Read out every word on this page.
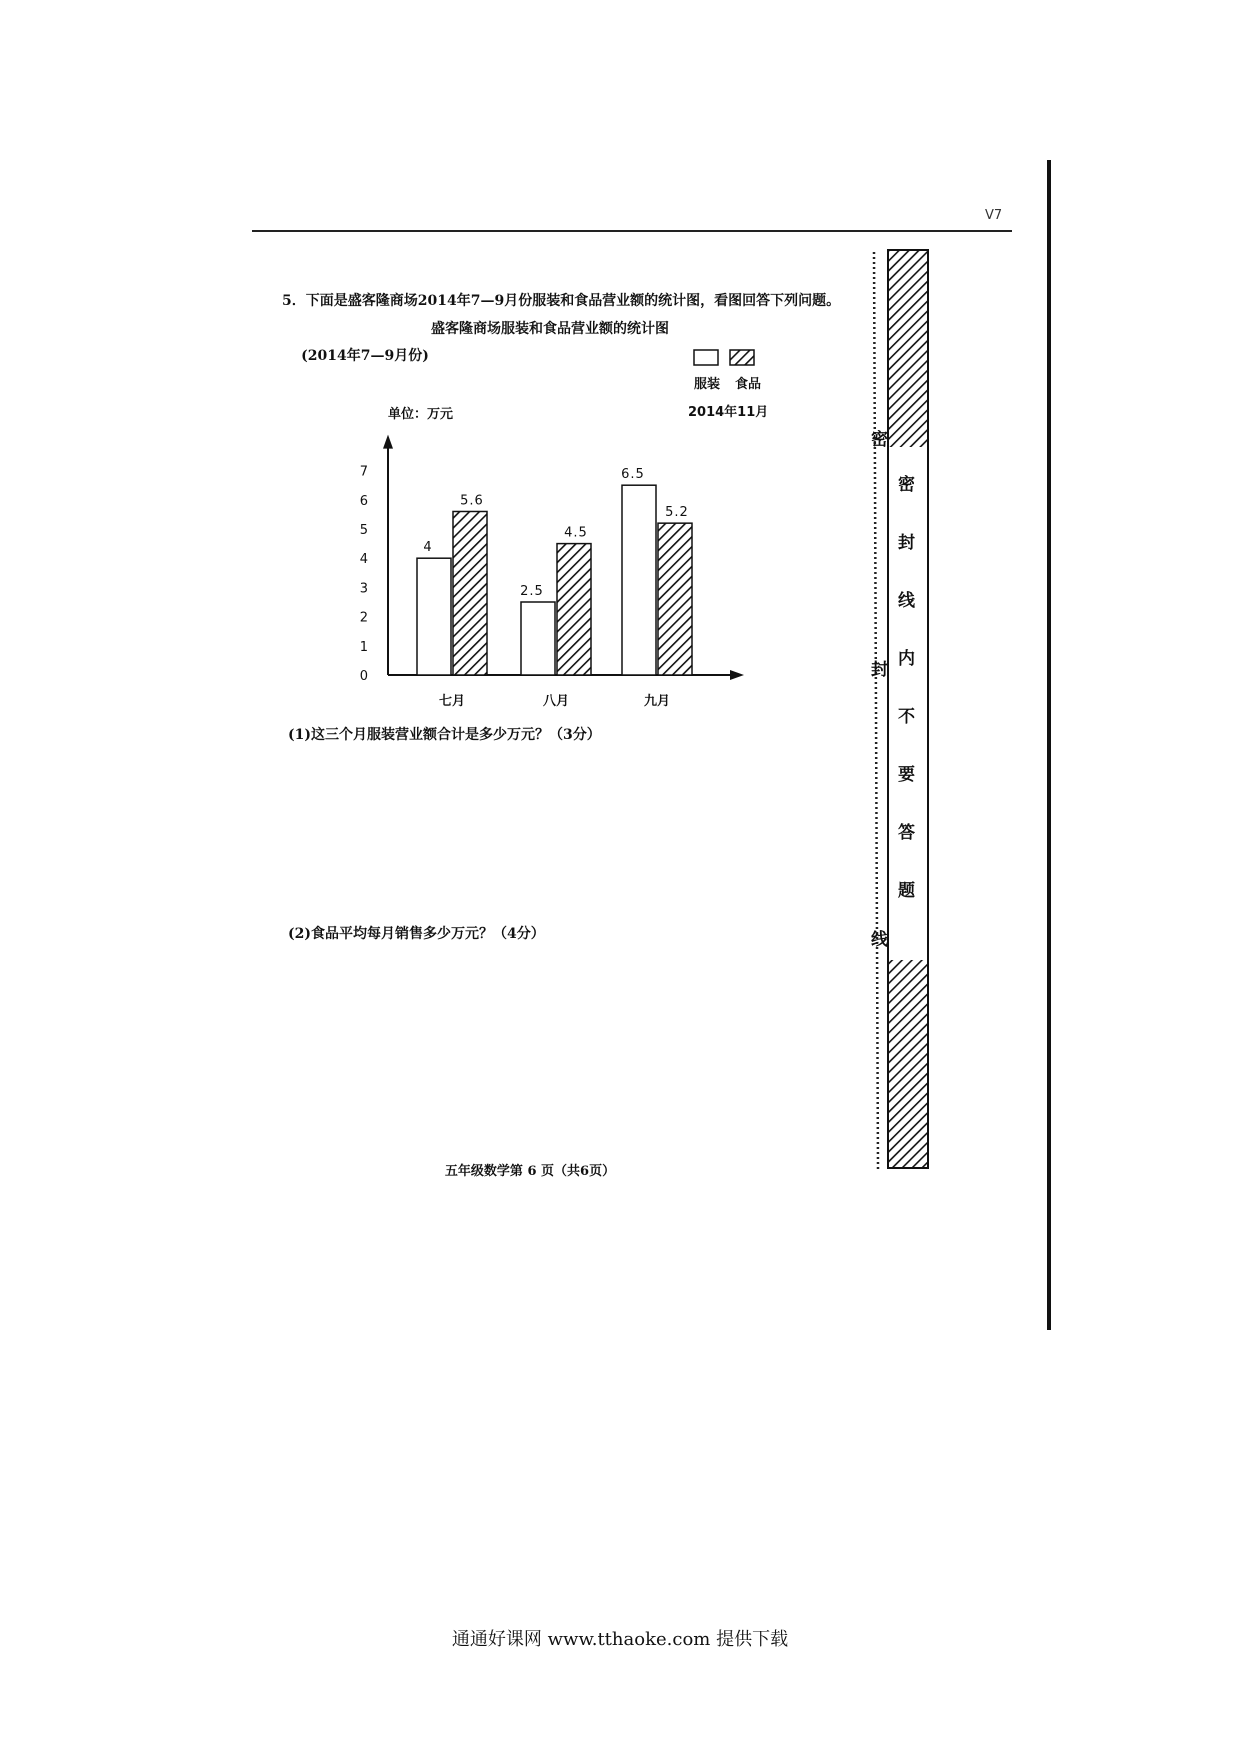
V7
5．下面是盛客隆商场2014年7—9月份服装和食品营业额的统计图，看图回答下列问题。
盛客隆商场服装和食品营业额的统计图
(2014年7—9月份)
0
1
2
3
4
5
6
7
单位：万元	2014年11月
服装 食品
4
5.6
七月
2.5
4.5
八月
6.5
5.2
九月
(1)这三个月服装营业额合计是多少万元？（3分）
(2)食品平均每月销售多少万元？（4分）
密
封
线
密
封
线
内
不
要
答
题
五年级数学第 6 页（共6页）
通通好课网 www.tthaoke.com 提供下载
